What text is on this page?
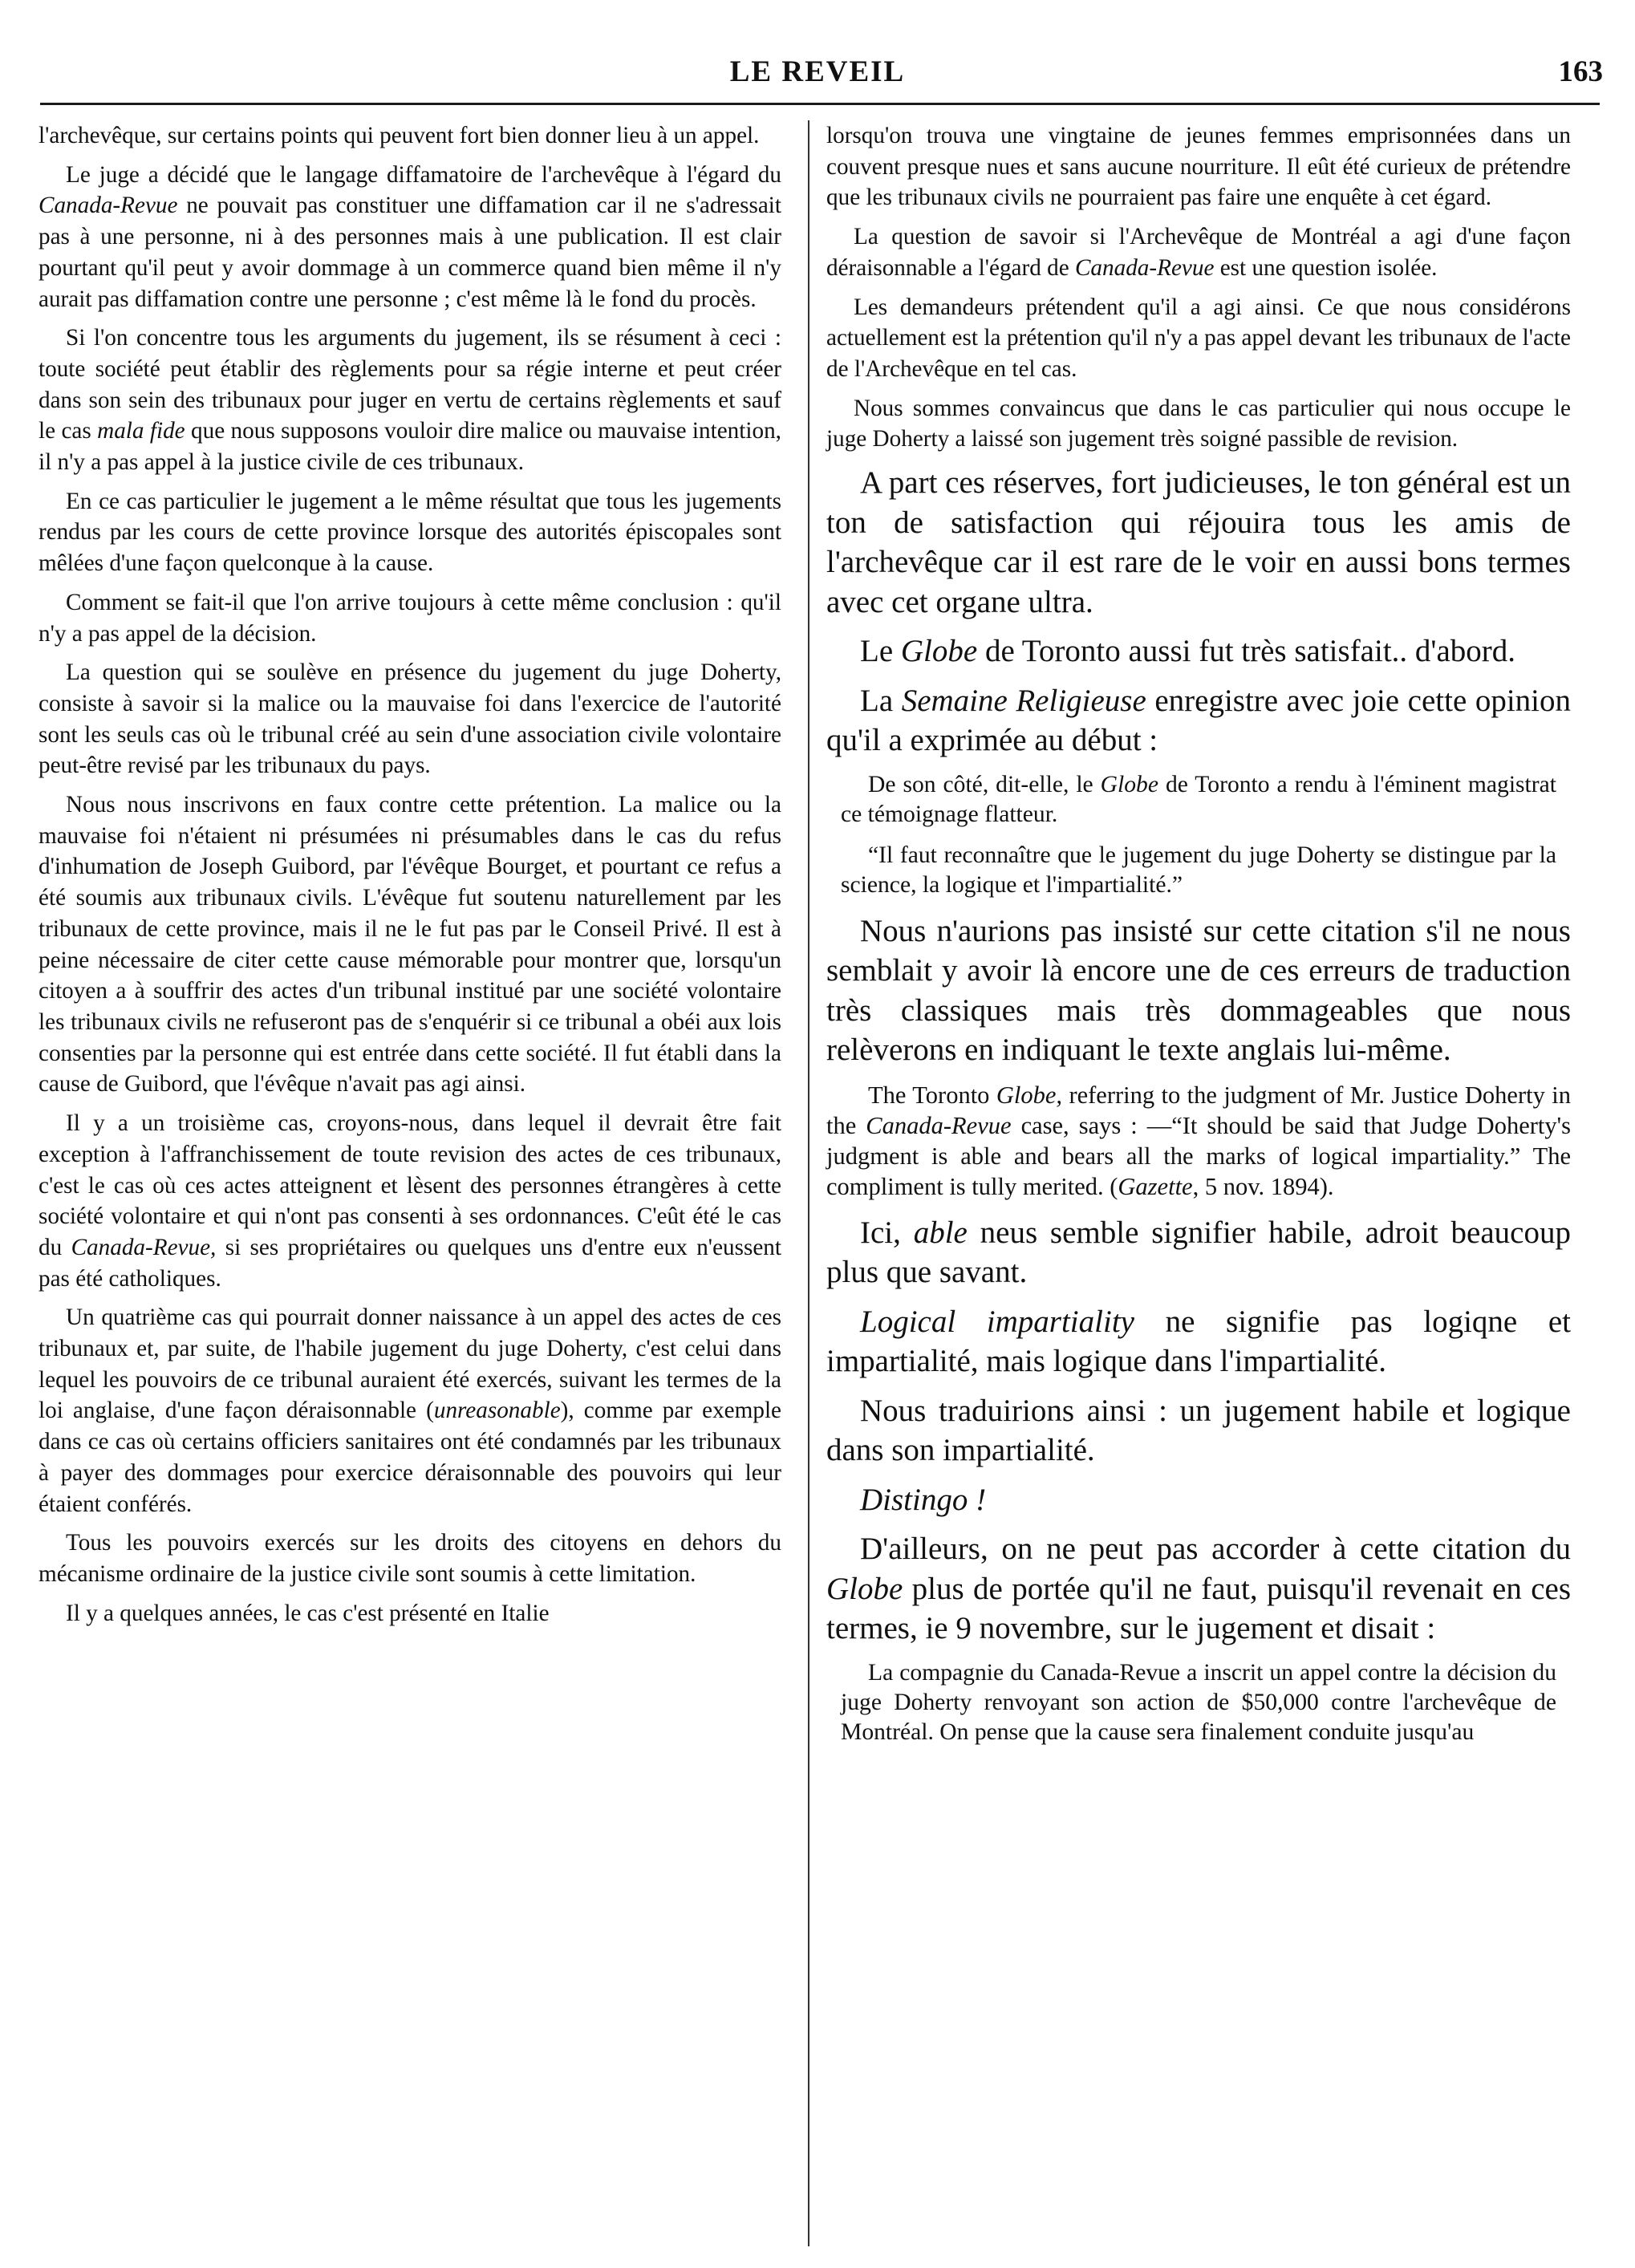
LE REVEIL	163

l'archevêque, sur certains points qui peuvent fort bien donner lieu à un appel.

Le juge a décidé que le langage diffamatoire de l'archevêque à l'égard du Canada-Revue ne pouvait pas constituer une diffamation car il ne s'adressait pas à une personne, ni à des personnes mais à une publication. Il est clair pourtant qu'il peut y avoir dommage à un commerce quand bien même il n'y aurait pas diffamation contre une personne ; c'est même là le fond du procès.

Si l'on concentre tous les arguments du jugement, ils se résument à ceci : toute société peut établir des règlements pour sa régie interne et peut créer dans son sein des tribunaux pour juger en vertu de certains règlements et sauf le cas mala fide que nous supposons vouloir dire malice ou mauvaise intention, il n'y a pas appel à la justice civile de ces tribunaux.

En ce cas particulier le jugement a le même résultat que tous les jugements rendus par les cours de cette province lorsque des autorités épiscopales sont mêlées d'une façon quelconque à la cause.

Comment se fait-il que l'on arrive toujours à cette même conclusion : qu'il n'y a pas appel de la décision.

La question qui se soulève en présence du jugement du juge Doherty, consiste à savoir si la malice ou la mauvaise foi dans l'exercice de l'autorité sont les seuls cas où le tribunal créé au sein d'une association civile volontaire peut-être revisé par les tribunaux du pays.

Nous nous inscrivons en faux contre cette prétention. La malice ou la mauvaise foi n'étaient ni présumées ni présumables dans le cas du refus d'inhumation de Joseph Guibord, par l'évêque Bourget, et pourtant ce refus a été soumis aux tribunaux civils. L'évêque fut soutenu naturellement par les tribunaux de cette province, mais il ne le fut pas par le Conseil Privé. Il est à peine nécessaire de citer cette cause mémorable pour montrer que, lorsqu'un citoyen a à souffrir des actes d'un tribunal institué par une société volontaire les tribunaux civils ne refuseront pas de s'enquérir si ce tribunal a obéi aux lois consenties par la personne qui est entrée dans cette société. Il fut établi dans la cause de Guibord, que l'évêque n'avait pas agi ainsi.

Il y a un troisième cas, croyons-nous, dans lequel il devrait être fait exception à l'affranchissement de toute revision des actes de ces tribunaux, c'est le cas où ces actes atteignent et lèsent des personnes étrangères à cette société volontaire et qui n'ont pas consenti à ses ordonnances. C'eût été le cas du Canada-Revue, si ses propriétaires ou quelques uns d'entre eux n'eussent pas été catholiques.

Un quatrième cas qui pourrait donner naissance à un appel des actes de ces tribunaux et, par suite, de l'habile jugement du juge Doherty, c'est celui dans lequel les pouvoirs de ce tribunal auraient été exercés, suivant les termes de la loi anglaise, d'une façon déraisonnable (unreasonable), comme par exemple dans ce cas où certains officiers sanitaires ont été condamnés par les tribunaux à payer des dommages pour exercice déraisonnable des pouvoirs qui leur étaient conférés.

Tous les pouvoirs exercés sur les droits des citoyens en dehors du mécanisme ordinaire de la justice civile sont soumis à cette limitation.

Il y a quelques années, le cas c'est présenté en Italie

lorsqu'on trouva une vingtaine de jeunes femmes emprisonnées dans un couvent presque nues et sans aucune nourriture. Il eût été curieux de prétendre que les tribunaux civils ne pourraient pas faire une enquête à cet égard.

La question de savoir si l'Archevêque de Montréal a agi d'une façon déraisonnable a l'égard de Canada-Revue est une question isolée.

Les demandeurs prétendent qu'il a agi ainsi. Ce que nous considérons actuellement est la prétention qu'il n'y a pas appel devant les tribunaux de l'acte de l'Archevêque en tel cas.

Nous sommes convaincus que dans le cas particulier qui nous occupe le juge Doherty a laissé son jugement très soigné passible de revision.

A part ces réserves, fort judicieuses, le ton général est un ton de satisfaction qui réjouira tous les amis de l'archevêque car il est rare de le voir en aussi bons termes avec cet organe ultra.

Le Globe de Toronto aussi fut très satisfait.. d'abord.

La Semaine Religieuse enregistre avec joie cette opinion qu'il a exprimée au début :

De son côté, dit-elle, le Globe de Toronto a rendu à l'éminent magistrat ce témoignage flatteur.

“Il faut reconnaître que le jugement du juge Doherty se distingue par la science, la logique et l'impartialité.”

Nous n'aurions pas insisté sur cette citation s'il ne nous semblait y avoir là encore une de ces erreurs de traduction très classiques mais très dommageables que nous relèverons en indiquant le texte anglais lui-même.

The Toronto Globe, referring to the judgment of Mr. Justice Doherty in the Canada-Revue case, says : —“It should be said that Judge Doherty's judgment is able and bears all the marks of logical impartiality.” The compliment is tully merited. (Gazette, 5 nov. 1894).

Ici, able neus semble signifier habile, adroit beaucoup plus que savant.

Logical impartiality ne signifie pas logiqne et impartialité, mais logique dans l'impartialité.

Nous traduirions ainsi : un jugement habile et logique dans son impartialité.

Distingo !

D'ailleurs, on ne peut pas accorder à cette citation du Globe plus de portée qu'il ne faut, puisqu'il revenait en ces termes, ie 9 novembre, sur le jugement et disait :

La compagnie du Canada-Revue a inscrit un appel contre la décision du juge Doherty renvoyant son action de $50,000 contre l'archevêque de Montréal. On pense que la cause sera finalement conduite jusqu'au
